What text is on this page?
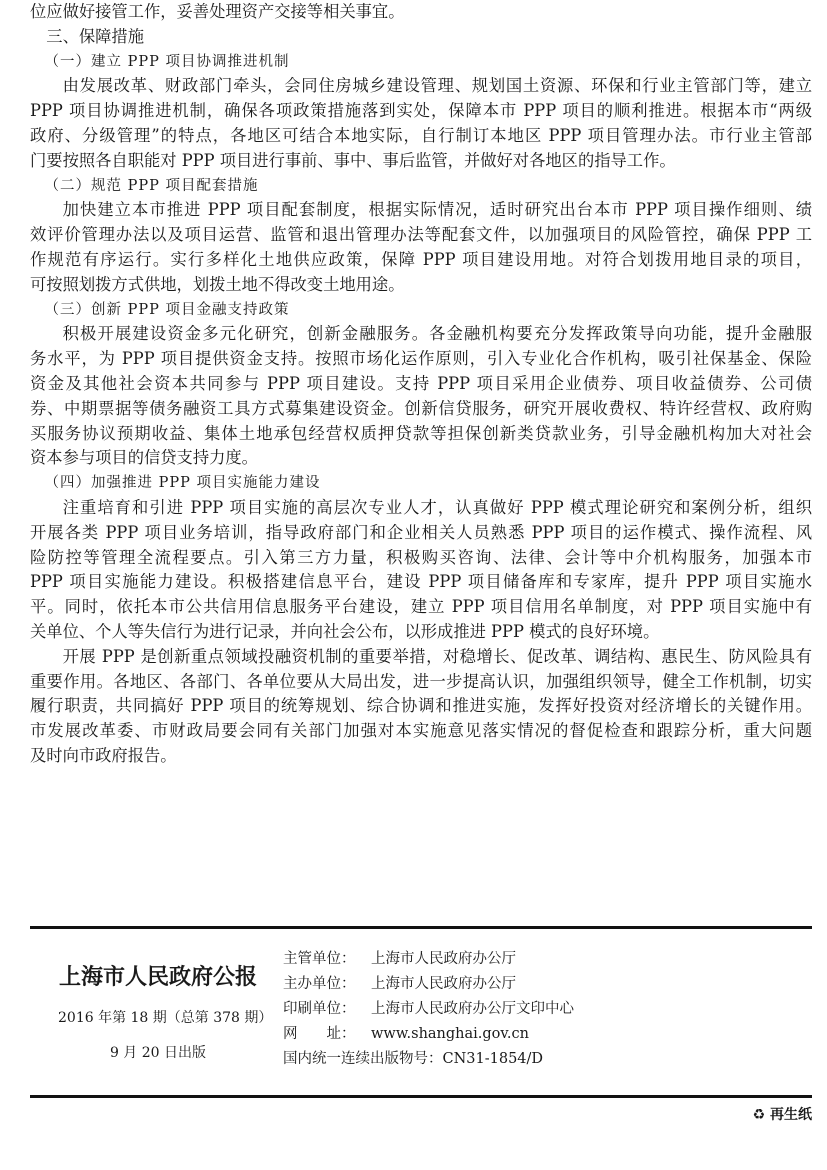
位应做好接管工作，妥善处理资产交接等相关事宜。
三、保障措施
（一）建立 PPP 项目协调推进机制
由发展改革、财政部门牵头，会同住房城乡建设管理、规划国土资源、环保和行业主管部门等，建立
PPP 项目协调推进机制，确保各项政策措施落到实处，保障本市 PPP 项目的顺利推进。根据本市“两级
政府、分级管理”的特点，各地区可结合本地实际，自行制订本地区 PPP 项目管理办法。市行业主管部
门要按照各自职能对 PPP 项目进行事前、事中、事后监管，并做好对各地区的指导工作。
（二）规范 PPP 项目配套措施
加快建立本市推进 PPP 项目配套制度，根据实际情况，适时研究出台本市 PPP 项目操作细则、绩
效评价管理办法以及项目运营、监管和退出管理办法等配套文件，以加强项目的风险管控，确保 PPP 工
作规范有序运行。实行多样化土地供应政策，保障 PPP 项目建设用地。对符合划拨用地目录的项目，
可按照划拨方式供地，划拨土地不得改变土地用途。
（三）创新 PPP 项目金融支持政策
积极开展建设资金多元化研究，创新金融服务。各金融机构要充分发挥政策导向功能，提升金融服
务水平，为 PPP 项目提供资金支持。按照市场化运作原则，引入专业化合作机构，吸引社保基金、保险
资金及其他社会资本共同参与 PPP 项目建设。支持 PPP 项目采用企业债券、项目收益债券、公司债
券、中期票据等债务融资工具方式募集建设资金。创新信贷服务，研究开展收费权、特许经营权、政府购
买服务协议预期收益、集体土地承包经营权质押贷款等担保创新类贷款业务，引导金融机构加大对社会
资本参与项目的信贷支持力度。
（四）加强推进 PPP 项目实施能力建设
注重培育和引进 PPP 项目实施的高层次专业人才，认真做好 PPP 模式理论研究和案例分析，组织
开展各类 PPP 项目业务培训，指导政府部门和企业相关人员熟悉 PPP 项目的运作模式、操作流程、风
险防控等管理全流程要点。引入第三方力量，积极购买咨询、法律、会计等中介机构服务，加强本市
PPP 项目实施能力建设。积极搭建信息平台，建设 PPP 项目储备库和专家库，提升 PPP 项目实施水
平。同时，依托本市公共信用信息服务平台建设，建立 PPP 项目信用名单制度，对 PPP 项目实施中有
关单位、个人等失信行为进行记录，并向社会公布，以形成推进 PPP 模式的良好环境。
开展 PPP 是创新重点领域投融资机制的重要举措，对稳增长、促改革、调结构、惠民生、防风险具有
重要作用。各地区、各部门、各单位要从大局出发，进一步提高认识，加强组织领导，健全工作机制，切实
履行职责，共同搞好 PPP 项目的统筹规划、综合协调和推进实施，发挥好投资对经济增长的关键作用。
市发展改革委、市财政局要会同有关部门加强对本实施意见落实情况的督促检查和跟踪分析，重大问题
及时向市政府报告。
上海市人民政府公报
2016 年第 18 期（总第 378 期）
9 月 20 日出版
主管单位： 上海市人民政府办公厅
主办单位： 上海市人民政府办公厅
印刷单位： 上海市人民政府办公厅文印中心
网　　址： www.shanghai.gov.cn
国内统一连续出版物号：CN31-1854/D
♻ 再生纸
